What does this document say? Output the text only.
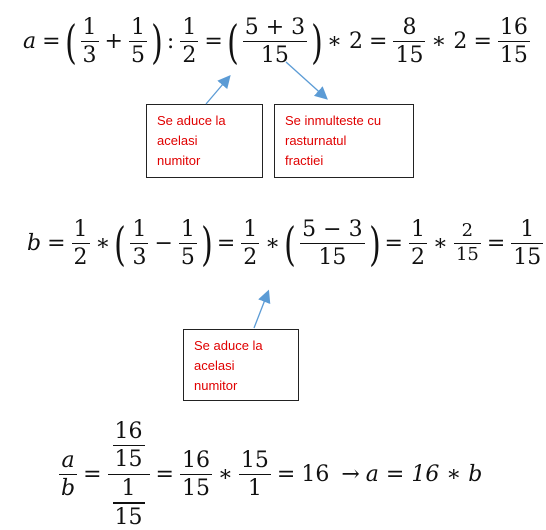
a = ( $\frac{1}{3} + \frac{1}{5}$ ) : $\frac{1}{2}$ = ( $\frac{5 + 3}{15}$ ) ∗ $2 = \frac{8}{15}$ ∗ $2 = \frac{16}{15}$
Se aduce la
acelasi
numitor
Se inmulteste cu
rasturnatul
fractiei
$b = \frac{1}{2}$ ∗ ( $\frac{1}{3} - \frac{1}{5}$ ) = $\frac{1}{2}$ ∗ ( $\frac{5 - 3}{15}$ ) = $\frac{1}{2}$ ∗ $\frac{2}{15} = \frac{1}{15}$
Se aduce la
acelasi
numitor
$\frac{a}{b} = \frac{\frac{16}{15}}{\frac{1}{15}} = \frac{16}{15}$ ∗ $\frac{15}{1} = 16 \to a = 16$ ∗ b
